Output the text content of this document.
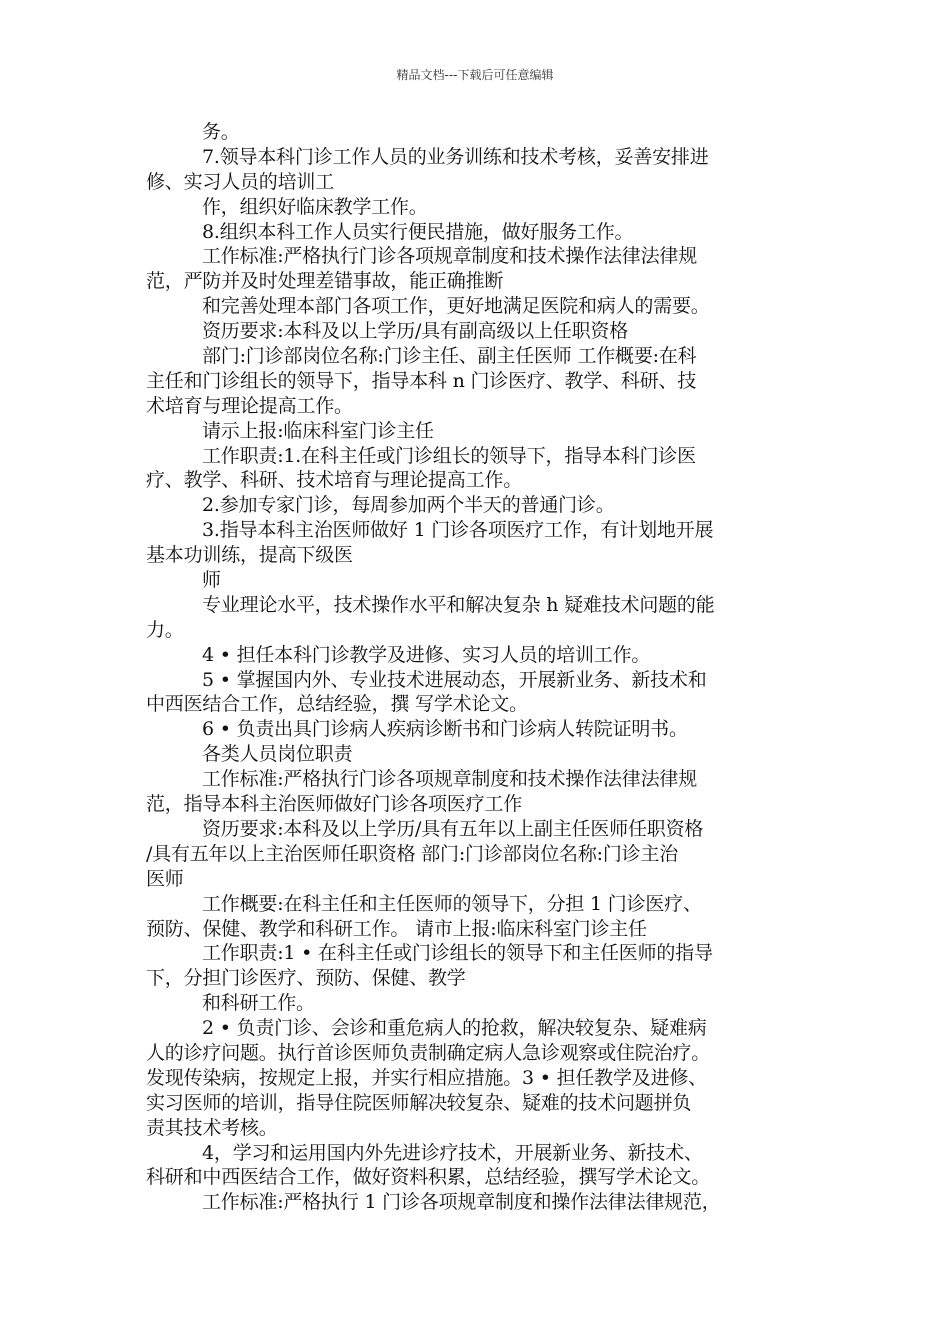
精品文档---下载后可任意编辑
务。
7.领导本科门诊工作人员的业务训练和技术考核，妥善安排进
修、实习人员的培训工
作，组织好临床教学工作。
8.组织本科工作人员实行便民措施，做好服务工作。
工作标准:严格执行门诊各项规章制度和技术操作法律法律规
范，严防并及时处理差错事故，能正确推断
和完善处理本部门各项工作，更好地满足医院和病人的需要。
资历要求:本科及以上学历/具有副高级以上任职资格
部门:门诊部岗位名称:门诊主任、副主任医师 工作概要:在科
主任和门诊组长的领导下，指导本科 n 门诊医疗、教学、科研、技
术培育与理论提高工作。
请示上报:临床科室门诊主任
工作职责:1.在科主任或门诊组长的领导下，指导本科门诊医
疗、教学、科研、技术培育与理论提高工作。
2.参加专家门诊，每周参加两个半天的普通门诊。
3.指导本科主治医师做好 1 门诊各项医疗工作，有计划地开展
基本功训练，提高下级医
师
专业理论水平，技术操作水平和解决复杂 h 疑难技术问题的能
力。
4 • 担任本科门诊教学及进修、实习人员的培训工作。
5 • 掌握国内外、专业技术进展动态，开展新业务、新技术和
中西医结合工作，总结经验，撰 写学术论文。
6 • 负责出具门诊病人疾病诊断书和门诊病人转院证明书。
各类人员岗位职责
工作标准:严格执行门诊各项规章制度和技术操作法律法律规
范，指导本科主治医师做好门诊各项医疗工作
资历要求:本科及以上学历/具有五年以上副主任医师任职资格
/具有五年以上主治医师任职资格 部门:门诊部岗位名称:门诊主治
医师
工作概要:在科主任和主任医师的领导下，分担 1 门诊医疗、
预防、保健、教学和科研工作。 请市上报:临床科室门诊主任
工作职责:1 • 在科主任或门诊组长的领导下和主任医师的指导
下，分担门诊医疗、预防、保健、教学
和科研工作。
2 • 负责门诊、会诊和重危病人的抢救，解决较复杂、疑难病
人的诊疗问题。执行首诊医师负责制确定病人急诊观察或住院治疗。
发现传染病，按规定上报，并实行相应措施。3 • 担任教学及进修、
实习医师的培训，指导住院医师解决较复杂、疑难的技术问题拼负
责其技术考核。
4，学习和运用国内外先进诊疗技术，开展新业务、新技术、
科研和中西医结合工作，做好资料积累，总结经验，撰写学术论文。
工作标准:严格执行 1 门诊各项规章制度和操作法律法律规范，
